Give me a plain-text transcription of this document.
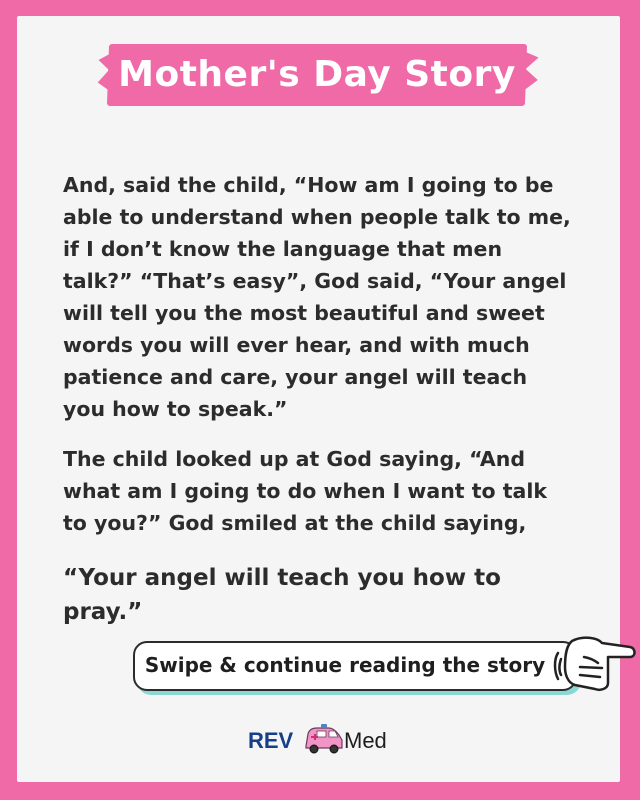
Mother's Day Story

And, said the child, “How am I going to be able to understand when people talk to me, if I don’t know the language that men talk?” “That’s easy”, God said, “Your angel will tell you the most beautiful and sweet words you will ever hear, and with much patience and care, your angel will teach you how to speak.”

The child looked up at God saying, “And what am I going to do when I want to talk to you?” God smiled at the child saying,

“Your angel will teach you how to pray.”

Swipe & continue reading the story
REV Med
